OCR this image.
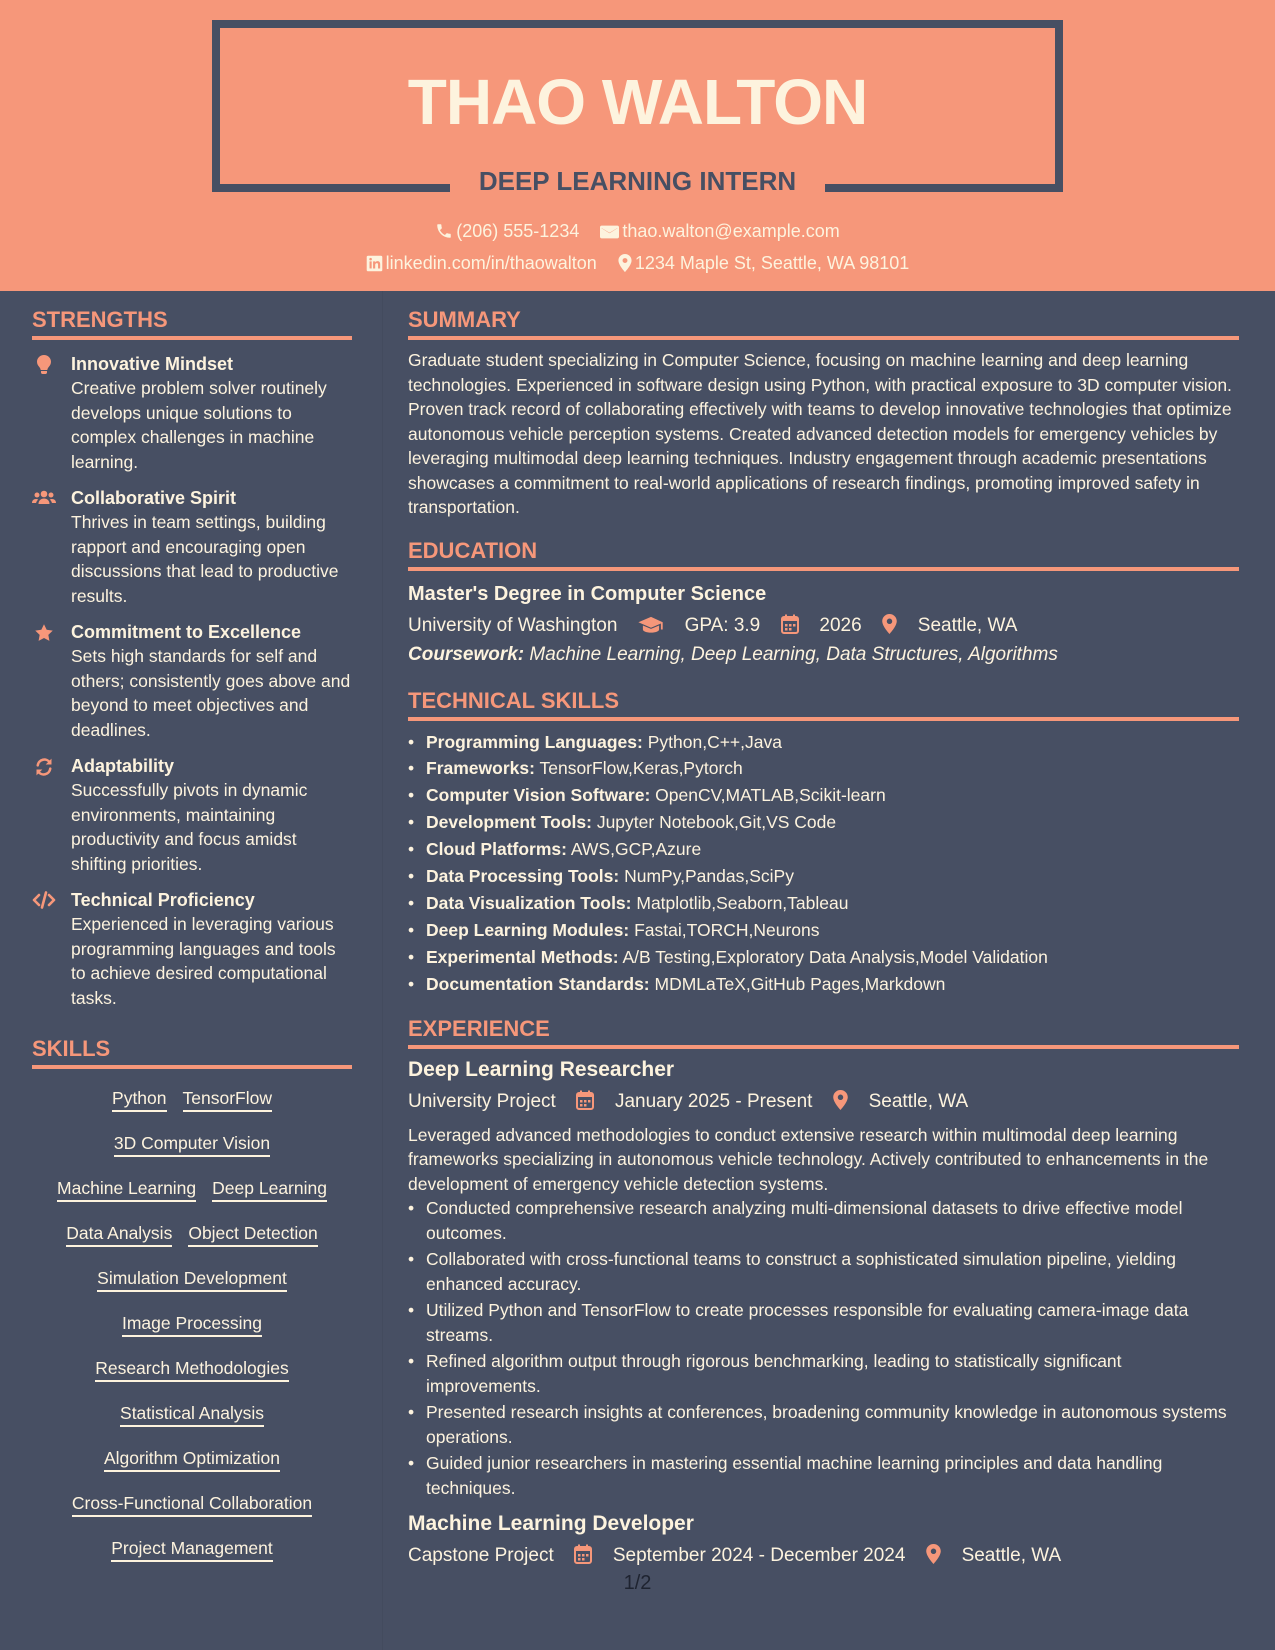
THAO WALTON
DEEP LEARNING INTERN
(206) 555-1234 thao.walton@example.com
linkedin.com/in/thaowalton 1234 Maple St, Seattle, WA 98101
STRENGTHS
Innovative Mindset
Creative problem solver routinely develops unique solutions to complex challenges in machine learning.
Collaborative Spirit
Thrives in team settings, building rapport and encouraging open discussions that lead to productive results.
Commitment to Excellence
Sets high standards for self and others; consistently goes above and beyond to meet objectives and deadlines.
Adaptability
Successfully pivots in dynamic environments, maintaining productivity and focus amidst shifting priorities.
Technical Proficiency
Experienced in leveraging various programming languages and tools to achieve desired computational tasks.
SKILLS
Python TensorFlow
3D Computer Vision
Machine Learning Deep Learning
Data Analysis Object Detection
Simulation Development
Image Processing
Research Methodologies
Statistical Analysis
Algorithm Optimization
Cross-Functional Collaboration
Project Management
SUMMARY
Graduate student specializing in Computer Science, focusing on machine learning and deep learning technologies. Experienced in software design using Python, with practical exposure to 3D computer vision. Proven track record of collaborating effectively with teams to develop innovative technologies that optimize autonomous vehicle perception systems. Created advanced detection models for emergency vehicles by leveraging multimodal deep learning techniques. Industry engagement through academic presentations showcases a commitment to real-world applications of research findings, promoting improved safety in transportation.
EDUCATION
Master's Degree in Computer Science
University of Washington	GPA: 3.9	2026	Seattle, WA
Coursework: Machine Learning, Deep Learning, Data Structures, Algorithms
TECHNICAL SKILLS
• Programming Languages: Python,C++,Java
• Frameworks: TensorFlow,Keras,Pytorch
• Computer Vision Software: OpenCV,MATLAB,Scikit-learn
• Development Tools: Jupyter Notebook,Git,VS Code
• Cloud Platforms: AWS,GCP,Azure
• Data Processing Tools: NumPy,Pandas,SciPy
• Data Visualization Tools: Matplotlib,Seaborn,Tableau
• Deep Learning Modules: Fastai,TORCH,Neurons
• Experimental Methods: A/B Testing,Exploratory Data Analysis,Model Validation
• Documentation Standards: MDMLaTeX,GitHub Pages,Markdown
EXPERIENCE
Deep Learning Researcher
University Project	January 2025 - Present	Seattle, WA
Leveraged advanced methodologies to conduct extensive research within multimodal deep learning frameworks specializing in autonomous vehicle technology. Actively contributed to enhancements in the development of emergency vehicle detection systems.
• Conducted comprehensive research analyzing multi-dimensional datasets to drive effective model outcomes.
• Collaborated with cross-functional teams to construct a sophisticated simulation pipeline, yielding enhanced accuracy.
• Utilized Python and TensorFlow to create processes responsible for evaluating camera-image data streams.
• Refined algorithm output through rigorous benchmarking, leading to statistically significant improvements.
• Presented research insights at conferences, broadening community knowledge in autonomous systems operations.
• Guided junior researchers in mastering essential machine learning principles and data handling techniques.
Machine Learning Developer
Capstone Project	September 2024 - December 2024	Seattle, WA
1/2
